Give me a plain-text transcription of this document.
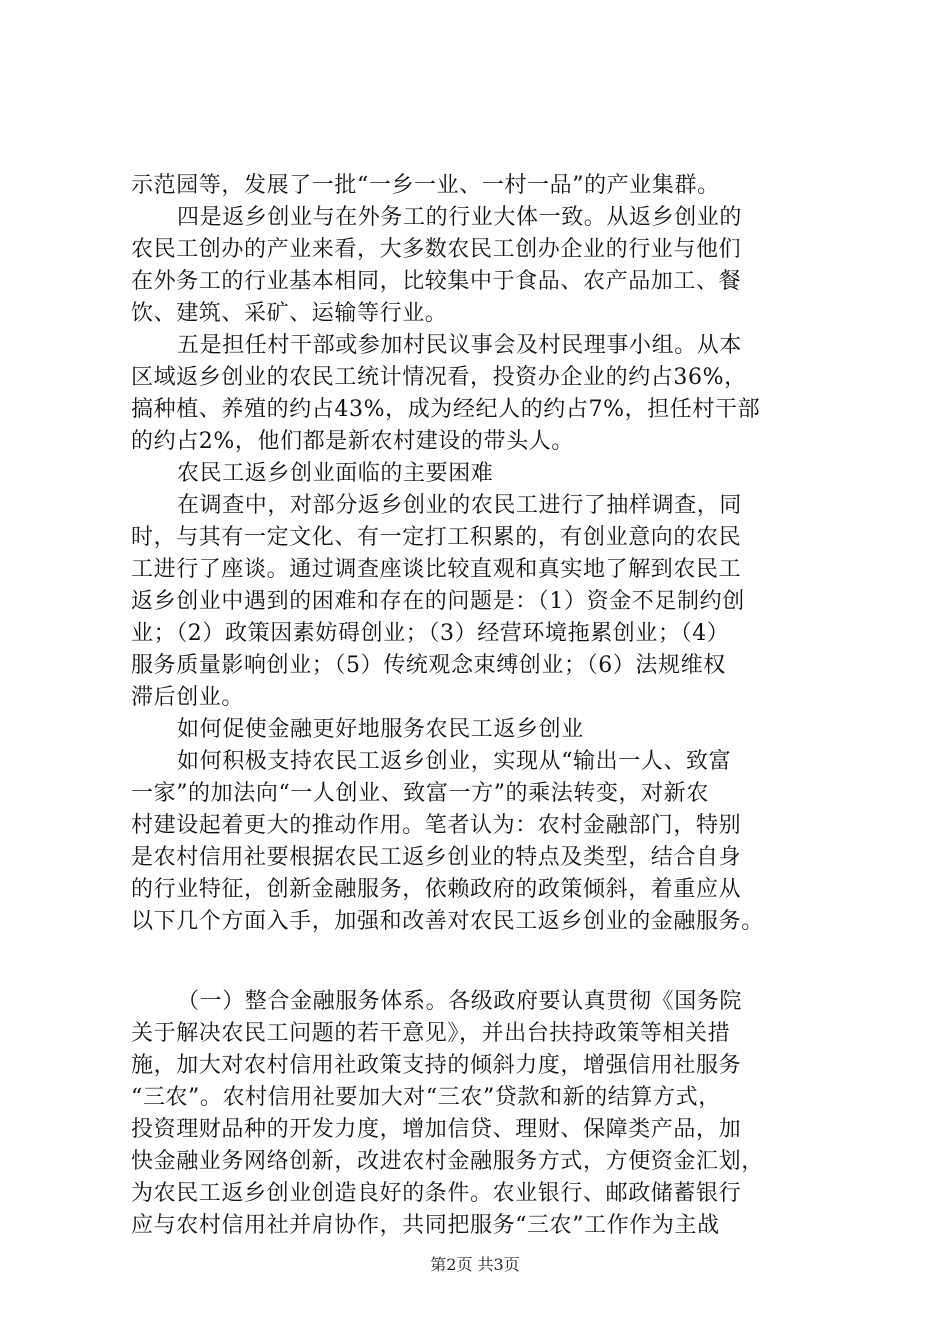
示范园等，发展了一批“一乡一业、一村一品”的产业集群。
四是返乡创业与在外务工的行业大体一致。从返乡创业的
农民工创办的产业来看，大多数农民工创办企业的行业与他们
在外务工的行业基本相同，比较集中于食品、农产品加工、餐
饮、建筑、采矿、运输等行业。
五是担任村干部或参加村民议事会及村民理事小组。从本
区域返乡创业的农民工统计情况看，投资办企业的约占36%，
搞种植、养殖的约占43%，成为经纪人的约占7%，担任村干部
的约占2%，他们都是新农村建设的带头人。
农民工返乡创业面临的主要困难
在调查中，对部分返乡创业的农民工进行了抽样调查，同
时，与其有一定文化、有一定打工积累的，有创业意向的农民
工进行了座谈。通过调查座谈比较直观和真实地了解到农民工
返乡创业中遇到的困难和存在的问题是：（1）资金不足制约创
业；（2）政策因素妨碍创业；（3）经营环境拖累创业；（4）
服务质量影响创业；（5）传统观念束缚创业；（6）法规维权
滞后创业。
如何促使金融更好地服务农民工返乡创业
如何积极支持农民工返乡创业，实现从“输出一人、致富
一家”的加法向“一人创业、致富一方”的乘法转变，对新农
村建设起着更大的推动作用。笔者认为：农村金融部门，特别
是农村信用社要根据农民工返乡创业的特点及类型，结合自身
的行业特征，创新金融服务，依赖政府的政策倾斜，着重应从
以下几个方面入手，加强和改善对农民工返乡创业的金融服务。
（一）整合金融服务体系。各级政府要认真贯彻《国务院
关于解决农民工问题的若干意见》，并出台扶持政策等相关措
施，加大对农村信用社政策支持的倾斜力度，增强信用社服务
“三农”。农村信用社要加大对“三农”贷款和新的结算方式，
投资理财品种的开发力度，增加信贷、理财、保障类产品，加
快金融业务网络创新，改进农村金融服务方式，方便资金汇划，
为农民工返乡创业创造良好的条件。农业银行、邮政储蓄银行
应与农村信用社并肩协作，共同把服务“三农”工作作为主战
第2页 共3页
